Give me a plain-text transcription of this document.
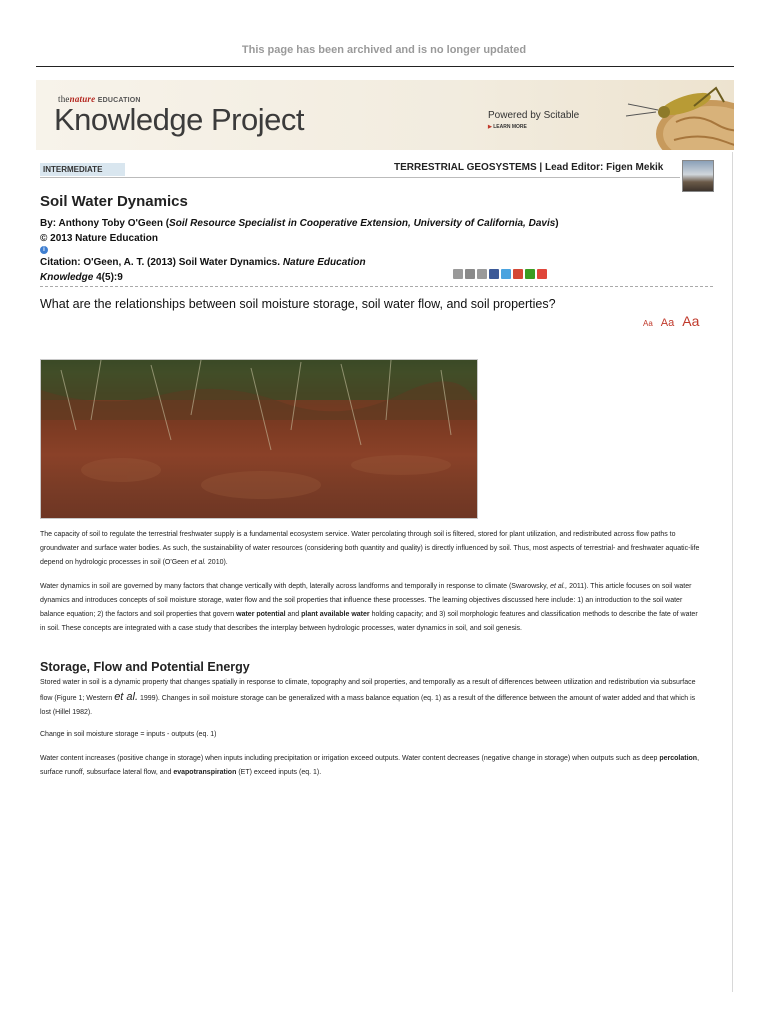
This page has been archived and is no longer updated
thenature EDUCATION
Knowledge Project	Powered by Scitable
▶ LEARN MORE
INTERMEDIATE	TERRESTRIAL GEOSYSTEMS | Lead Editor: Figen Mekik
Soil Water Dynamics
By: Anthony Toby O'Geen (Soil Resource Specialist in Cooperative Extension, University of California, Davis) © 2013 Nature Education
i
Citation: O'Geen, A. T. (2013) Soil Water Dynamics. Nature Education Knowledge 4(5):9
What are the relationships between soil moisture storage, soil water flow, and soil properties?
Aa Aa Aa

The capacity of soil to regulate the terrestrial freshwater supply is a fundamental ecosystem service. Water percolating through soil is filtered, stored for plant utilization, and redistributed across flow paths to groundwater and surface water bodies. As such, the sustainability of water resources (considering both quantity and quality) is directly influenced by soil. Thus, most aspects of terrestrial- and freshwater aquatic-life depend on hydrologic processes in soil (O'Geen et al. 2010).

Water dynamics in soil are governed by many factors that change vertically with depth, laterally across landforms and temporally in response to climate (Swarowsky, et al., 2011). This article focuses on soil water dynamics and introduces concepts of soil moisture storage, water flow and the soil properties that influence these processes. The learning objectives discussed here include: 1) an introduction to the soil water balance equation; 2) the factors and soil properties that govern water potential and plant available water holding capacity; and 3) soil morphologic features and classification methods to describe the fate of water in soil. These concepts are integrated with a case study that describes the interplay between hydrologic processes, water dynamics in soil, and soil genesis.

Storage, Flow and Potential Energy

Stored water in soil is a dynamic property that changes spatially in response to climate, topography and soil properties, and temporally as a result of differences between utilization and redistribution via subsurface flow (Figure 1; Western et al. 1999). Changes in soil moisture storage can be generalized with a mass balance equation (eq. 1) as a result of the difference between the amount of water added and that which is lost (Hillel 1982).

Change in soil moisture storage = inputs - outputs (eq. 1)

Water content increases (positive change in storage) when inputs including precipitation or irrigation exceed outputs. Water content decreases (negative change in storage) when outputs such as deep percolation, surface runoff, subsurface lateral flow, and evapotranspiration (ET) exceed inputs (eq. 1).
